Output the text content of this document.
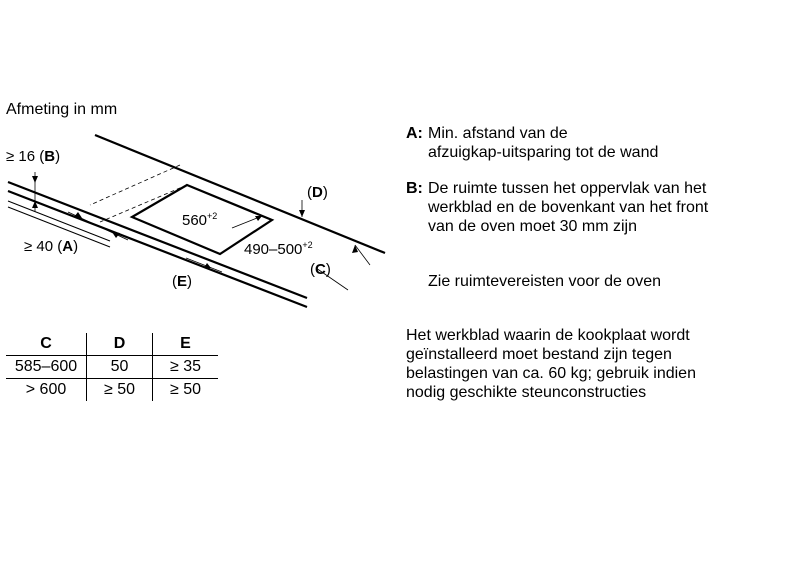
Afmeting in mm
≥ 16 (B)
≥ 40 (A)
$560^{+2}$
$490-500^{+2}$
(D)
(C)
(E)
C	D	E
585–600	50	≥ 35
> 600	≥ 50	≥ 50
A: Min. afstand van de
afzuigkap-uitsparing tot de wand
B: De ruimte tussen het oppervlak van het
werkblad en de bovenkant van het front
van de oven moet 30 mm zijn
Zie ruimtevereisten voor de oven
Het werkblad waarin de kookplaat wordt
geïnstalleerd moet bestand zijn tegen
belastingen van ca. 60 kg; gebruik indien
nodig geschikte steunconstructies
